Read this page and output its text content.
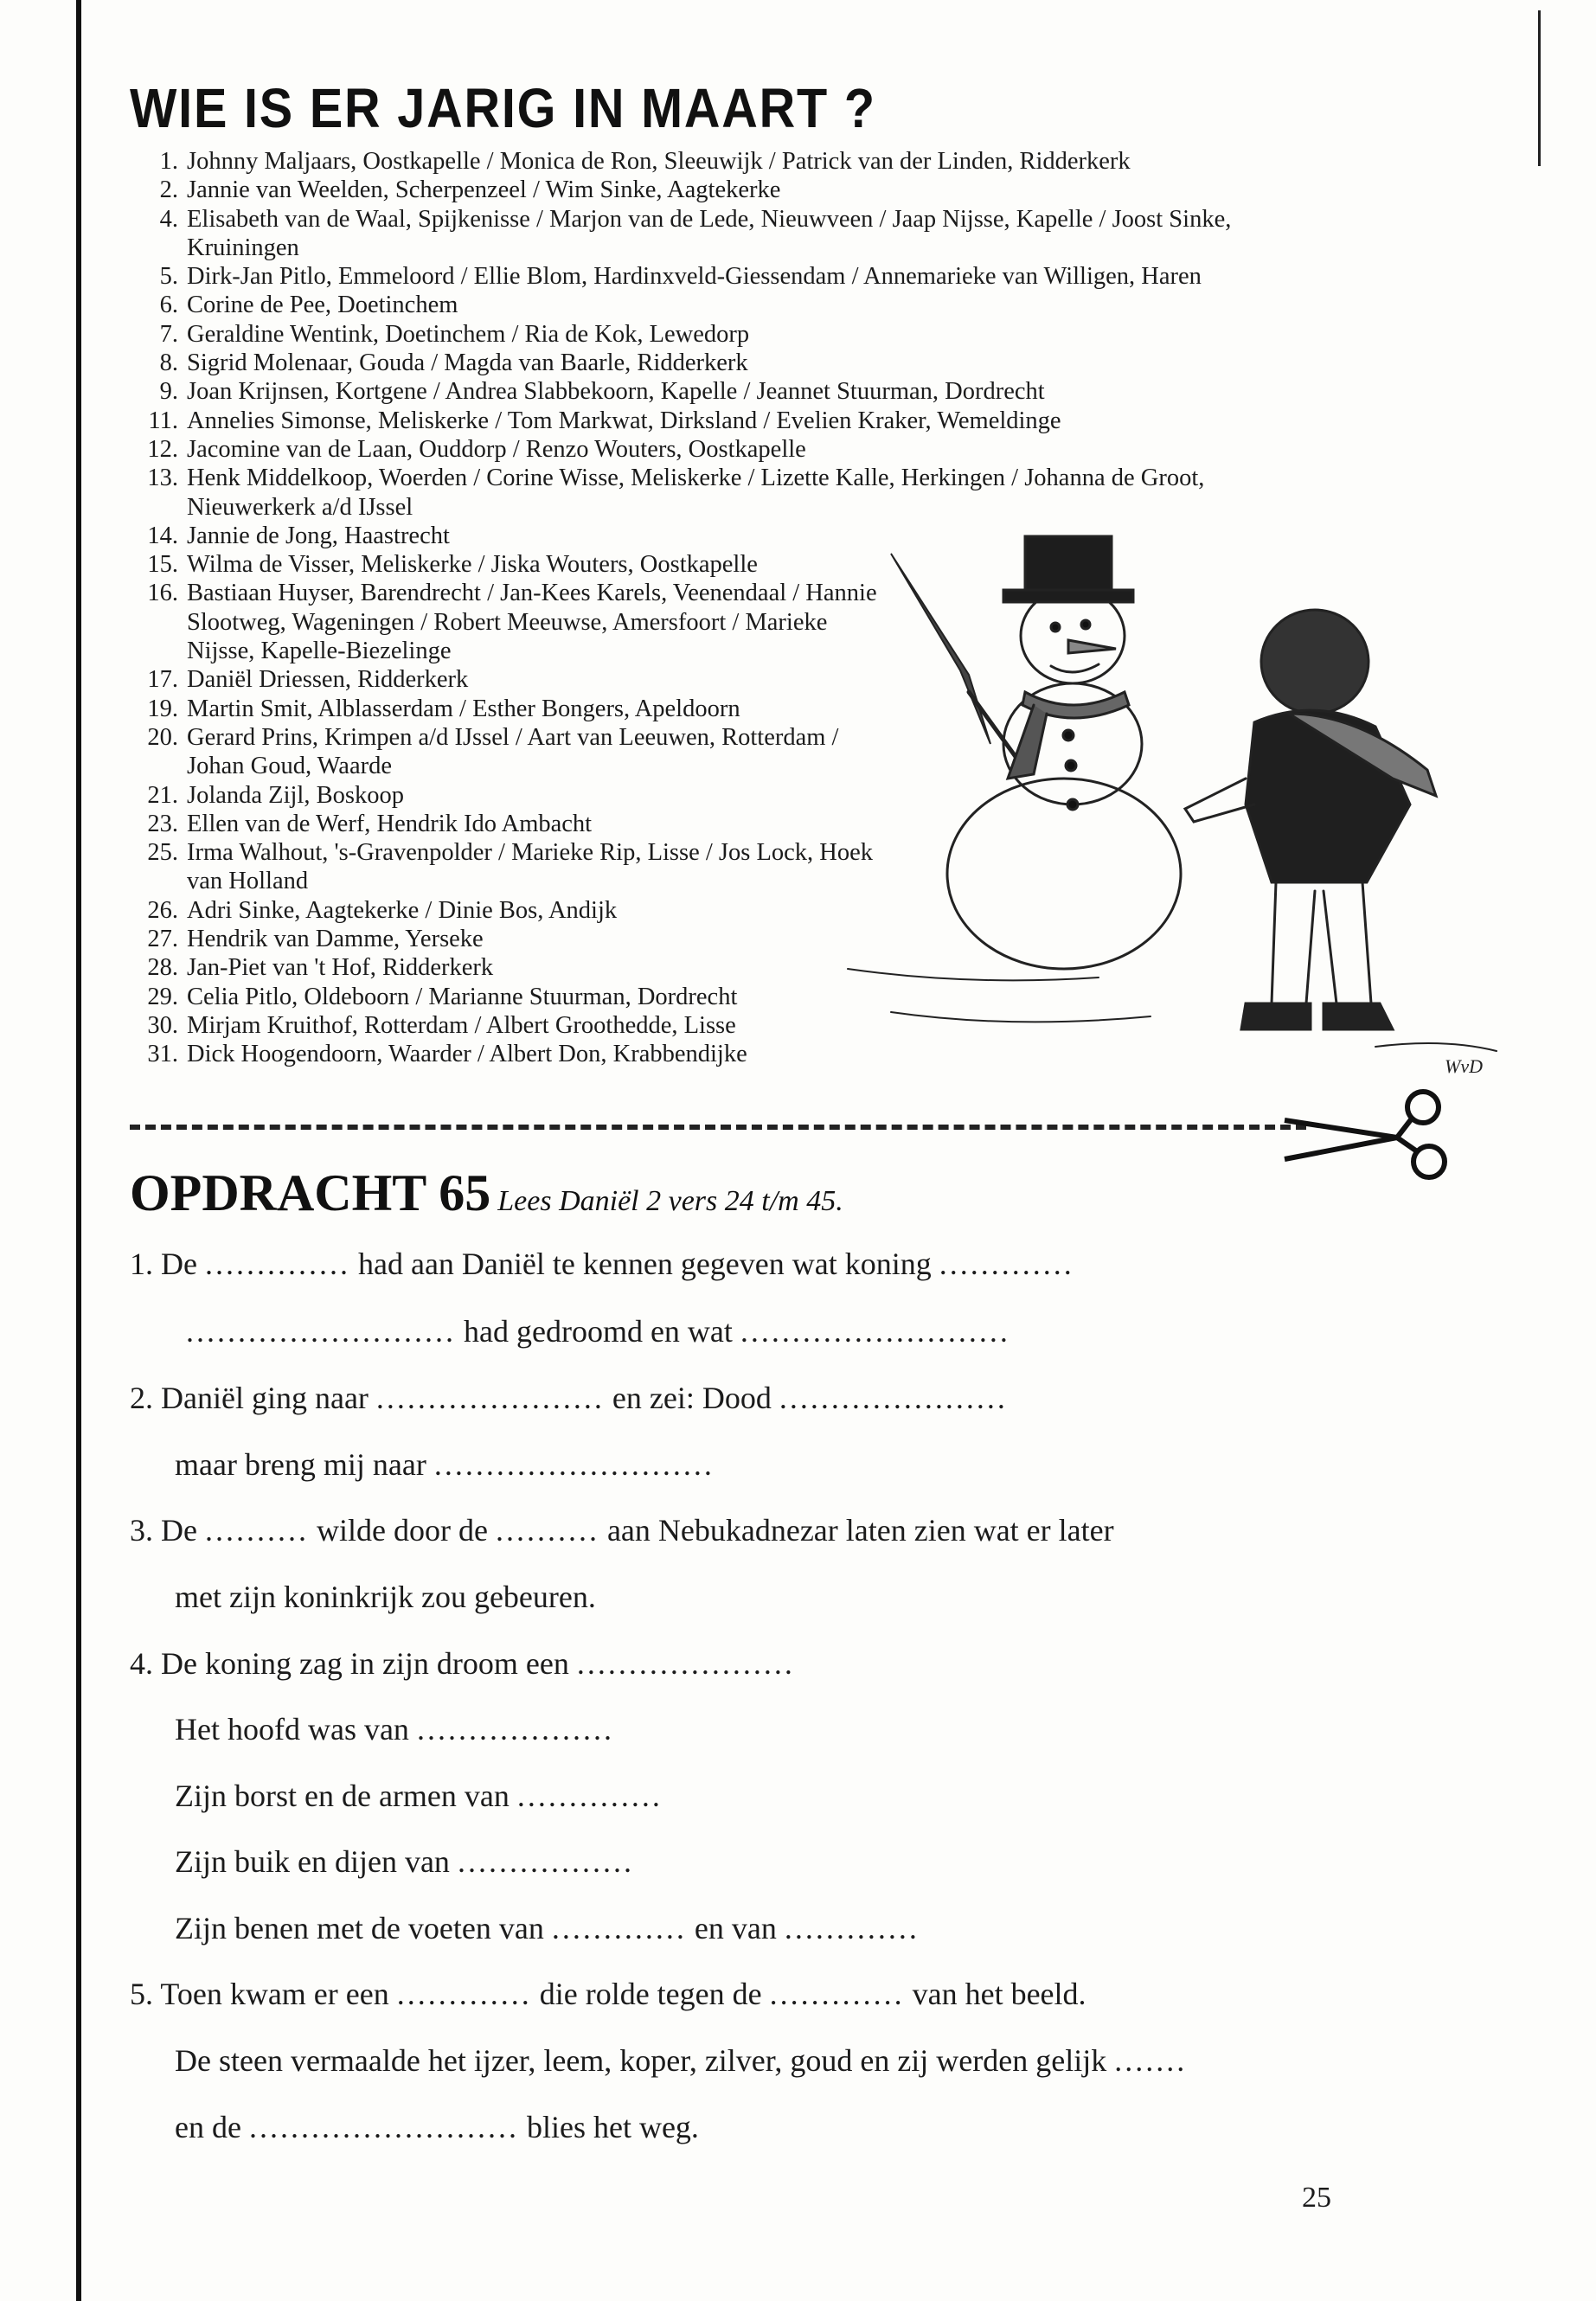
WIE IS ER JARIG IN MAART ?
1. Johnny Maljaars, Oostkapelle / Monica de Ron, Sleeuwijk / Patrick van der Linden, Ridderkerk
2. Jannie van Weelden, Scherpenzeel / Wim Sinke, Aagtekerke
4. Elisabeth van de Waal, Spijkenisse / Marjon van de Lede, Nieuwveen / Jaap Nijsse, Kapelle / Joost Sinke, Kruiningen
5. Dirk-Jan Pitlo, Emmeloord / Ellie Blom, Hardinxveld-Giessendam / Annemarieke van Willigen, Haren
6. Corine de Pee, Doetinchem
7. Geraldine Wentink, Doetinchem / Ria de Kok, Lewedorp
8. Sigrid Molenaar, Gouda / Magda van Baarle, Ridderkerk
9. Joan Krijnsen, Kortgene / Andrea Slabbekoorn, Kapelle / Jeannet Stuurman, Dordrecht
11. Annelies Simonse, Meliskerke / Tom Markwat, Dirksland / Evelien Kraker, Wemeldinge
12. Jacomine van de Laan, Ouddorp / Renzo Wouters, Oostkapelle
13. Henk Middelkoop, Woerden / Corine Wisse, Meliskerke / Lizette Kalle, Herkingen / Johanna de Groot, Nieuwerkerk a/d IJssel
14. Jannie de Jong, Haastrecht
15. Wilma de Visser, Meliskerke / Jiska Wouters, Oostkapelle
16. Bastiaan Huyser, Barendrecht / Jan-Kees Karels, Veenendaal / Hannie Slootweg, Wageningen / Robert Meeuwse, Amersfoort / Marieke Nijsse, Kapelle-Biezelinge
17. Daniël Driessen, Ridderkerk
19. Martin Smit, Alblasserdam / Esther Bongers, Apeldoorn
20. Gerard Prins, Krimpen a/d IJssel / Aart van Leeuwen, Rotterdam / Johan Goud, Waarde
21. Jolanda Zijl, Boskoop
23. Ellen van de Werf, Hendrik Ido Ambacht
25. Irma Walhout, 's-Gravenpolder / Marieke Rip, Lisse / Jos Lock, Hoek van Holland
26. Adri Sinke, Aagtekerke / Dinie Bos, Andijk
27. Hendrik van Damme, Yerseke
28. Jan-Piet van 't Hof, Ridderkerk
29. Celia Pitlo, Oldeboorn / Marianne Stuurman, Dordrecht
30. Mirjam Kruithof, Rotterdam / Albert Groothedde, Lisse
31. Dick Hoogendoorn, Waarder / Albert Don, Krabbendijke	WvD
OPDRACHT 65 Lees Daniël 2 vers 24 t/m 45.
1. De .............. had aan Daniël te kennen gegeven wat koning .............
.......................... had gedroomd en wat ..........................
2. Daniël ging naar ...................... en zei: Dood ......................
maar breng mij naar ...........................
3. De .......... wilde door de .......... aan Nebukadnezar laten zien wat er later
met zijn koninkrijk zou gebeuren.
4. De koning zag in zijn droom een .....................
Het hoofd was van ...................
Zijn borst en de armen van ..............
Zijn buik en dijen van .................
Zijn benen met de voeten van ............. en van .............
5. Toen kwam er een ............. die rolde tegen de ............. van het beeld.
De steen vermaalde het ijzer, leem, koper, zilver, goud en zij werden gelijk .......
en de .......................... blies het weg.
25
